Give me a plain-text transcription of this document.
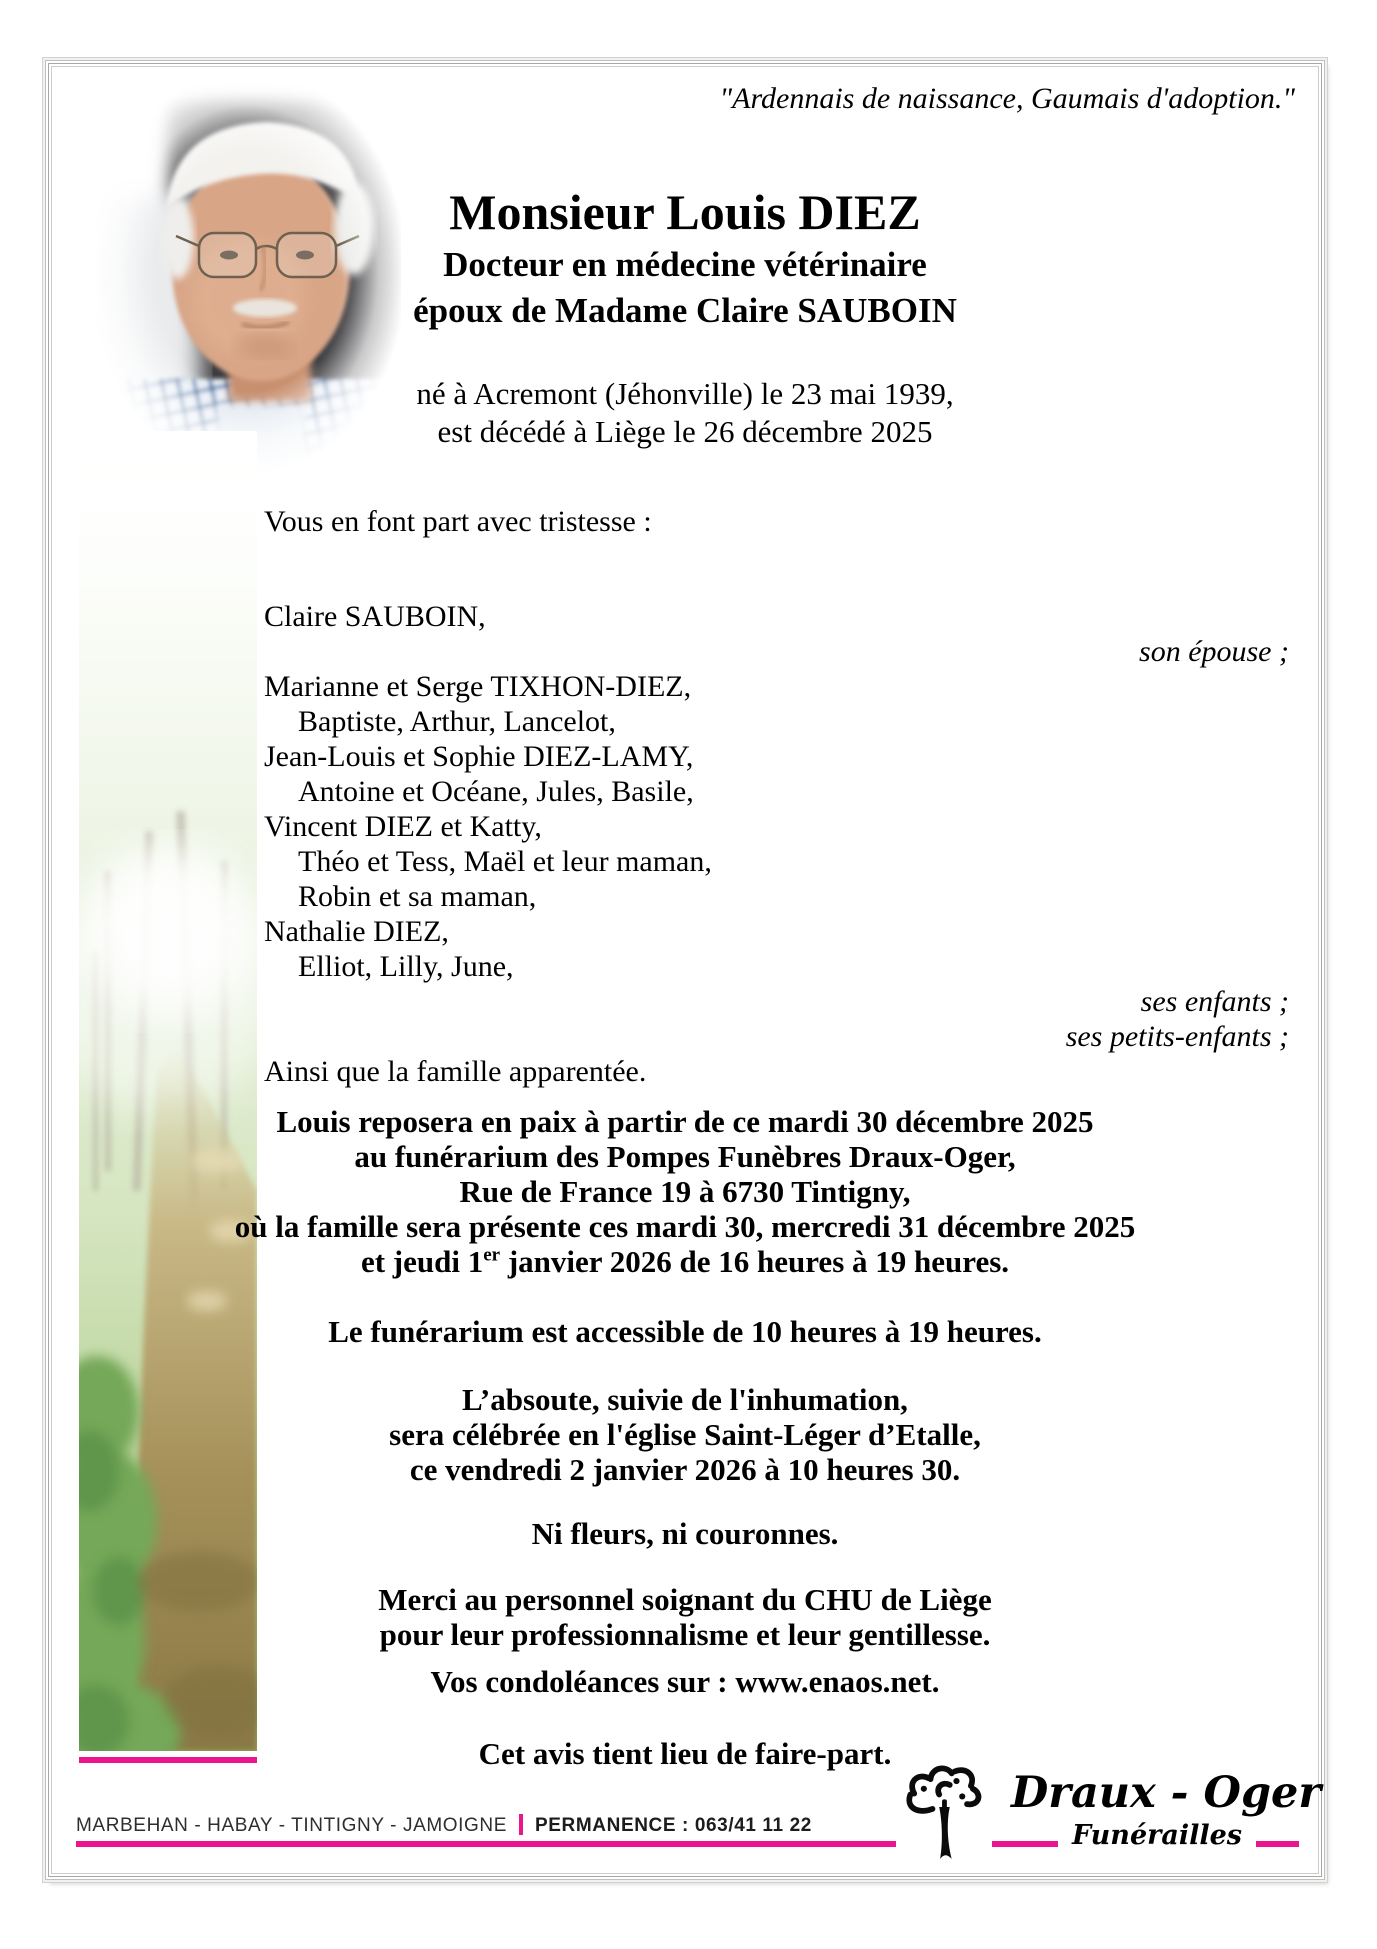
"Ardennais de naissance, Gaumais d'adoption."
Monsieur Louis DIEZ
Docteur en médecine vétérinaire
époux de Madame Claire SAUBOIN
né à Acremont (Jéhonville) le 23 mai 1939,
est décédé à Liège le 26 décembre 2025
Vous en font part avec tristesse :
Claire SAUBOIN,
son épouse ;
Marianne et Serge TIXHON-DIEZ,
Baptiste, Arthur, Lancelot,
Jean-Louis et Sophie DIEZ-LAMY,
Antoine et Océane, Jules, Basile,
Vincent DIEZ et Katty,
Théo et Tess, Maël et leur maman,
Robin et sa maman,
Nathalie DIEZ,
Elliot, Lilly, June,
ses enfants ;
ses petits-enfants ;
Ainsi que la famille apparentée.
Louis reposera en paix à partir de ce mardi 30 décembre 2025
au funérarium des Pompes Funèbres Draux-Oger,
Rue de France 19 à 6730 Tintigny,
où la famille sera présente ces mardi 30, mercredi 31 décembre 2025
et jeudi 1er janvier 2026 de 16 heures à 19 heures.
Le funérarium est accessible de 10 heures à 19 heures.
L’absoute, suivie de l'inhumation,
sera célébrée en l'église Saint-Léger d’Etalle,
ce vendredi 2 janvier 2026 à 10 heures 30.
Ni fleurs, ni couronnes.
Merci au personnel soignant du CHU de Liège
pour leur professionnalisme et leur gentillesse.
Vos condoléances sur : www.enaos.net.
Cet avis tient lieu de faire-part.
MARBEHAN - HABAY - TINTIGNY - JAMOIGNE PERMANENCE : 063/41 11 22
Draux - Oger
Funérailles
